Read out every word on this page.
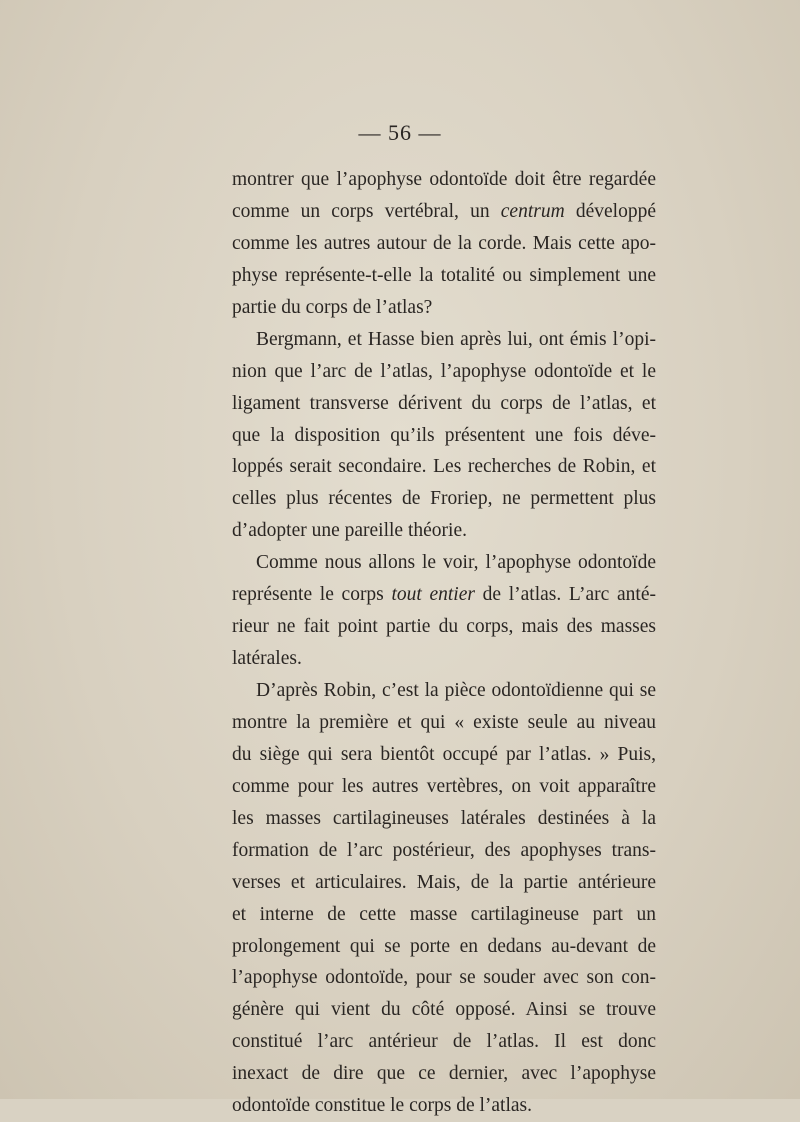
— 56 —
montrer que l’apophyse odontoïde doit être regardée
comme un corps vertébral, un centrum développé
comme les autres autour de la corde. Mais cette apo-
physe représente-t-elle la totalité ou simplement une
partie du corps de l’atlas?
Bergmann, et Hasse bien après lui, ont émis l’opi-
nion que l’arc de l’atlas, l’apophyse odontoïde et le
ligament transverse dérivent du corps de l’atlas, et
que la disposition qu’ils présentent une fois déve-
loppés serait secondaire. Les recherches de Robin, et
celles plus récentes de Froriep, ne permettent plus
d’adopter une pareille théorie.
Comme nous allons le voir, l’apophyse odontoïde
représente le corps tout entier de l’atlas. L’arc anté-
rieur ne fait point partie du corps, mais des masses
latérales.
D’après Robin, c’est la pièce odontoïdienne qui se
montre la première et qui « existe seule au niveau
du siège qui sera bientôt occupé par l’atlas. » Puis,
comme pour les autres vertèbres, on voit apparaître
les masses cartilagineuses latérales destinées à la
formation de l’arc postérieur, des apophyses trans-
verses et articulaires. Mais, de la partie antérieure
et interne de cette masse cartilagineuse part un
prolongement qui se porte en dedans au-devant de
l’apophyse odontoïde, pour se souder avec son con-
génère qui vient du côté opposé. Ainsi se trouve
constitué l’arc antérieur de l’atlas. Il est donc
inexact de dire que ce dernier, avec l’apophyse
odontoïde constitue le corps de l’atlas.
